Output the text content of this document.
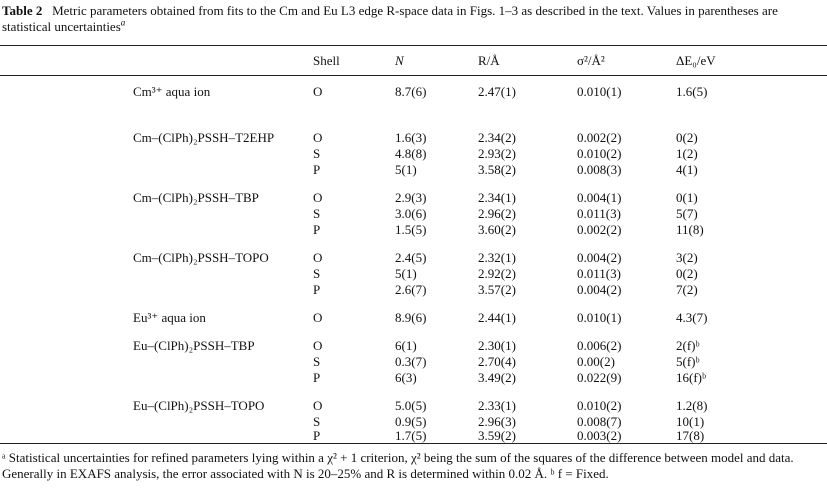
Table 2 Metric parameters obtained from fits to the Cm and Eu L3 edge R-space data in Figs. 1–3 as described in the text. Values in parentheses are statistical uncertainties$^a$
Shell	N	R/Å	σ²/Å²	ΔE₀/eV
Cm³⁺ aqua ion	O	8.7(6)	2.47(1)	0.010(1)	1.6(5)
Cm–(ClPh)₂PSSH–T2EHP	O	1.6(3)	2.34(2)	0.002(2)	0(2)
S	4.8(8)	2.93(2)	0.010(2)	1(2)
P	5(1)	3.58(2)	0.008(3)	4(1)
Cm–(ClPh)₂PSSH–TBP	O	2.9(3)	2.34(1)	0.004(1)	0(1)
S	3.0(6)	2.96(2)	0.011(3)	5(7)
P	1.5(5)	3.60(2)	0.002(2)	11(8)
Cm–(ClPh)₂PSSH–TOPO	O	2.4(5)	2.32(1)	0.004(2)	3(2)
S	5(1)	2.92(2)	0.011(3)	0(2)
P	2.6(7)	3.57(2)	0.004(2)	7(2)
Eu³⁺ aqua ion	O	8.9(6)	2.44(1)	0.010(1)	4.3(7)
Eu–(ClPh)₂PSSH–TBP	O	6(1)	2.30(1)	0.006(2)	2(f)ᵇ
S	0.3(7)	2.70(4)	0.00(2)	5(f)ᵇ
P	6(3)	3.49(2)	0.022(9)	16(f)ᵇ
Eu–(ClPh)₂PSSH–TOPO	O	5.0(5)	2.33(1)	0.010(2)	1.2(8)
S	0.9(5)	2.96(3)	0.008(7)	10(1)
P	1.7(5)	3.59(2)	0.003(2)	17(8)
ᵃ Statistical uncertainties for refined parameters lying within a χ² + 1 criterion, χ² being the sum of the squares of the difference between model and data. Generally in EXAFS analysis, the error associated with N is 20–25% and R is determined within 0.02 Å. ᵇ f = Fixed.
